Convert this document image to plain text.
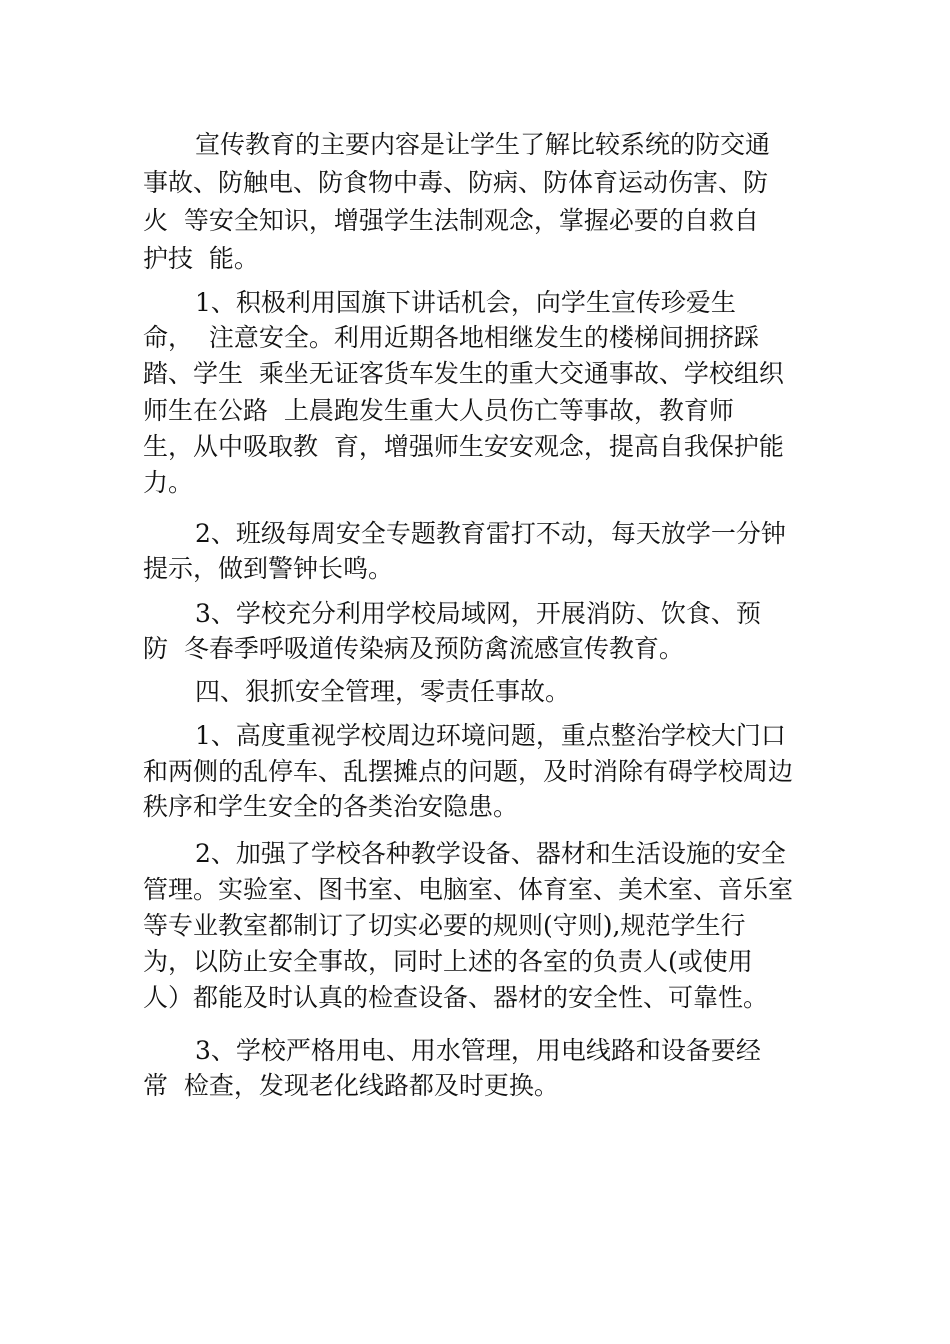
宣传教育的主要内容是让学生了解比较系统的防交通
事故、防触电、防食物中毒、防病、防体育运动伤害、防
火  等安全知识，增强学生法制观念，掌握必要的自救自
护技  能。
1、积极利用国旗下讲话机会，向学生宣传珍爱生
命，  注意安全。利用近期各地相继发生的楼梯间拥挤踩
踏、学生  乘坐无证客货车发生的重大交通事故、学校组织
师生在公路  上晨跑发生重大人员伤亡等事故，教育师
生，从中吸取教  育，增强师生安安观念，提高自我保护能
力。
2、班级每周安全专题教育雷打不动，每天放学一分钟
提示，做到警钟长鸣。
3、学校充分利用学校局域网，开展消防、饮食、预
防  冬春季呼吸道传染病及预防禽流感宣传教育。
四、狠抓安全管理，零责任事故。
1、高度重视学校周边环境问题，重点整治学校大门口
和两侧的乱停车、乱摆摊点的问题，及时消除有碍学校周边
秩序和学生安全的各类治安隐患。
2、加强了学校各种教学设备、器材和生活设施的安全
管理。实验室、图书室、电脑室、体育室、美术室、音乐室
等专业教室都制订了切实必要的规则(守则),规范学生行
为，以防止安全事故，同时上述的各室的负责人(或使用
人）都能及时认真的检查设备、器材的安全性、可靠性。
3、学校严格用电、用水管理，用电线路和设备要经
常  检查，发现老化线路都及时更换。
